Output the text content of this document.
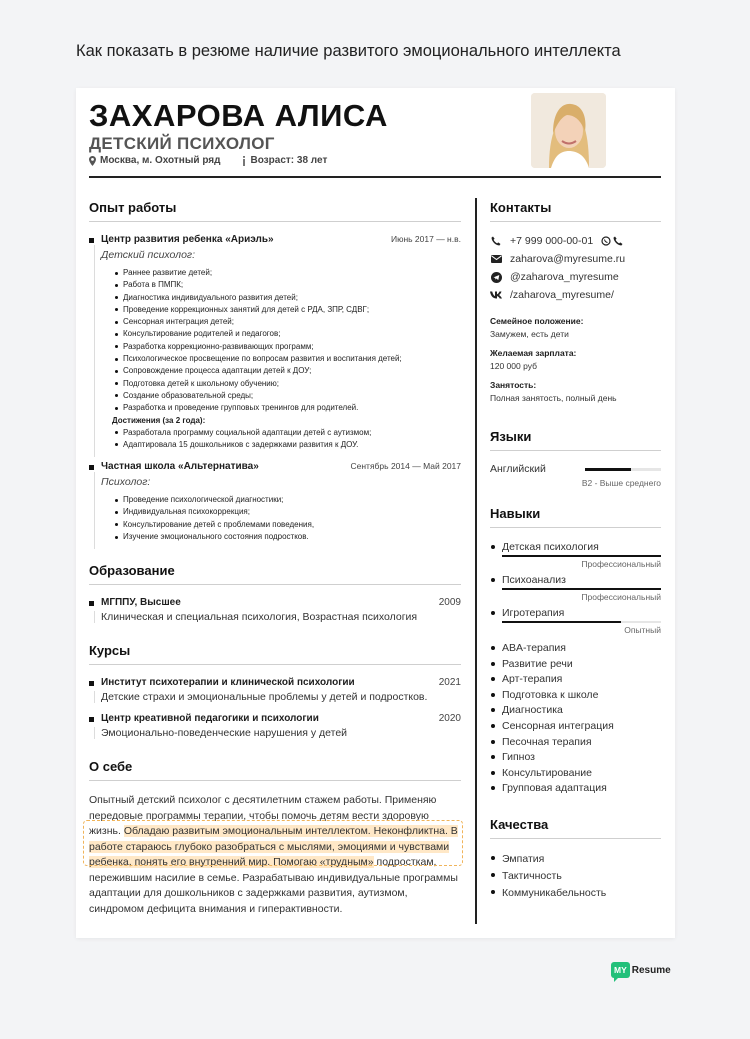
Как показать в резюме наличие развитого эмоционального интеллекта
ЗАХАРОВА АЛИСА
ДЕТСКИЙ ПСИХОЛОГ
Москва, м. Охотный ряд	Возраст: 38 лет
Опыт работы
Центр развития ребенка «Ариэль»	Июнь 2017 — н.в.
Детский психолог:
Раннее развитие детей;
Работа в ПМПК;
Диагностика индивидуального развития детей;
Проведение коррекционных занятий для детей с РДА, ЗПР, СДВГ;
Сенсорная интеграция детей;
Консультирование родителей и педагогов;
Разработка коррекционно-развивающих программ;
Психологическое просвещение по вопросам развития и воспитания детей;
Сопровождение процесса адаптации детей к ДОУ;
Подготовка детей к школьному обучению;
Создание образовательной среды;
Разработка и проведение групповых тренингов для родителей.
Достижения (за 2 года):
Разработала программу социальной адаптации детей с аутизмом;
Адаптировала 15 дошкольников с задержками развития к ДОУ.
Частная школа «Альтернатива»	Сентябрь 2014 — Май 2017
Психолог:
Проведение психологической диагностики;
Индивидуальная психокоррекция;
Консультирование детей с проблемами поведения,
Изучение эмоционального состояния подростков.
Образование
МГППУ, Высшее	2009
Клиническая и специальная психология, Возрастная психология
Курсы
Институт психотерапии и клинической психологии	2021
Детские страхи и эмоциональные проблемы у детей и подростков.
Центр креативной педагогики и психологии	2020
Эмоционально-поведенческие нарушения у детей
О себе
Опытный детский психолог с десятилетним стажем работы. Применяю передовые программы терапии, чтобы помочь детям вести здоровую жизнь. Обладаю развитым эмоциональным интеллектом. Неконфликтна. В работе стараюсь глубоко разобраться с мыслями, эмоциями и чувствами ребенка, понять его внутренний мир. Помогаю «трудным» подросткам, пережившим насилие в семье. Разрабатываю индивидуальные программы адаптации для дошкольников с задержками развития, аутизмом, синдромом дефицита внимания и гиперактивности.
Контакты
+7 999 000-00-01
zaharova@myresume.ru
@zaharova_myresume
/zaharova_myresume/
Семейное положение:
Замужем, есть дети
Желаемая зарплата:
120 000 руб
Занятость:
Полная занятость, полный день
Языки
Английский
B2 - Выше среднего
Навыки
Детская психология
Профессиональный
Психоанализ
Профессиональный
Игротерапия
Опытный
ABA-терапия
Развитие речи
Арт-терапия
Подготовка к школе
Диагностика
Сенсорная интеграция
Песочная терапия
Гипноз
Консультирование
Групповая адаптация
Качества
Эмпатия
Тактичность
Коммуникабельность
MY Resume
